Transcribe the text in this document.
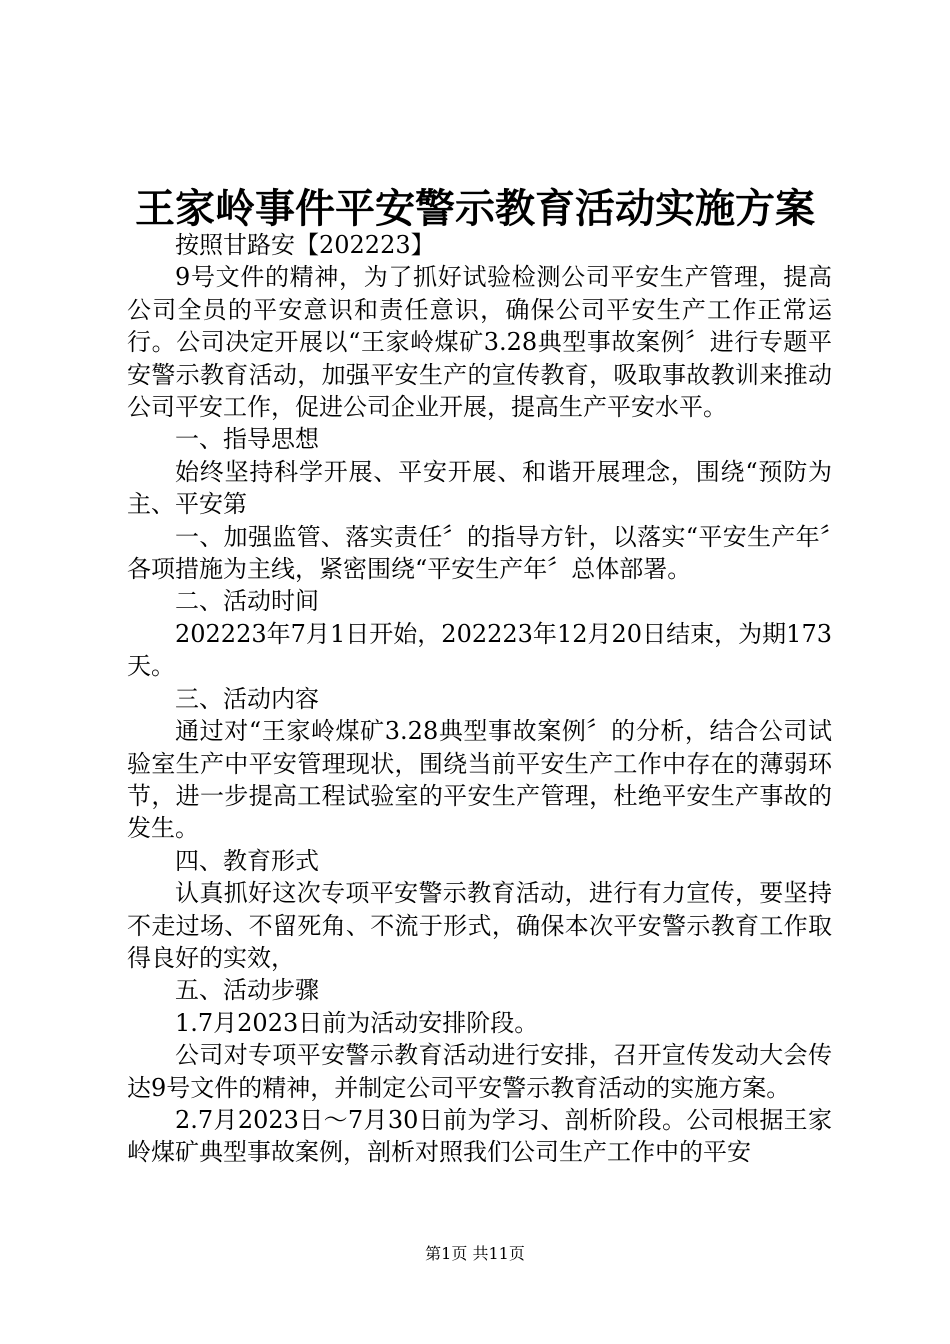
王家岭事件平安警示教育活动实施方案

按照甘路安【202223】

9号文件的精神，为了抓好试验检测公司平安生产管理，提高公司全员的平安意识和责任意识，确保公司平安生产工作正常运行。公司决定开展以“王家岭煤矿3.28典型事故案例〞进行专题平安警示教育活动，加强平安生产的宣传教育，吸取事故教训来推动公司平安工作，促进公司企业开展，提高生产平安水平。

一、指导思想

始终坚持科学开展、平安开展、和谐开展理念，围绕“预防为主、平安第

一、加强监管、落实责任〞的指导方针，以落实“平安生产年〞各项措施为主线，紧密围绕“平安生产年〞总体部署。

二、活动时间

202223年7月1日开始，202223年12月20日结束，为期173天。

三、活动内容

通过对“王家岭煤矿3.28典型事故案例〞的分析，结合公司试验室生产中平安管理现状，围绕当前平安生产工作中存在的薄弱环节，进一步提高工程试验室的平安生产管理，杜绝平安生产事故的发生。

四、教育形式

认真抓好这次专项平安警示教育活动，进行有力宣传，要坚持不走过场、不留死角、不流于形式，确保本次平安警示教育工作取得良好的实效，

五、活动步骤

1.7月2023日前为活动安排阶段。

公司对专项平安警示教育活动进行安排，召开宣传发动大会传达9号文件的精神，并制定公司平安警示教育活动的实施方案。

2.7月2023日～7月30日前为学习、剖析阶段。公司根据王家岭煤矿典型事故案例，剖析对照我们公司生产工作中的平安

第1页 共11页
